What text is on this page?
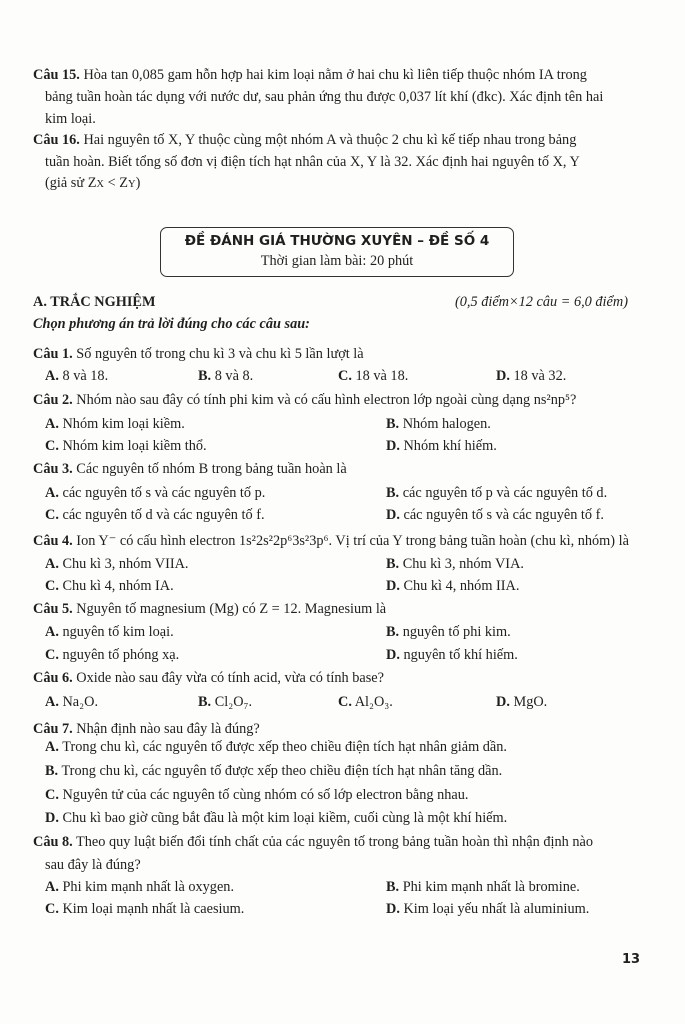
Câu 15. Hòa tan 0,085 gam hỗn hợp hai kim loại nằm ở hai chu kì liên tiếp thuộc nhóm IA trong
bảng tuần hoàn tác dụng với nước dư, sau phản ứng thu được 0,037 lít khí (đkc). Xác định tên hai
kim loại.
Câu 16. Hai nguyên tố X, Y thuộc cùng một nhóm A và thuộc 2 chu kì kế tiếp nhau trong bảng
tuần hoàn. Biết tổng số đơn vị điện tích hạt nhân của X, Y là 32. Xác định hai nguyên tố X, Y
(giả sử ZX < ZY)
ĐỀ ĐÁNH GIÁ THƯỜNG XUYÊN – ĐỀ SỐ 4
Thời gian làm bài: 20 phút
A. TRẮC NGHIỆM	(0,5 điểm×12 câu = 6,0 điểm)
Chọn phương án trả lời đúng cho các câu sau:
Câu 1. Số nguyên tố trong chu kì 3 và chu kì 5 lần lượt là
A. 8 và 18.	B. 8 và 8.	C. 18 và 18.	D. 18 và 32.
Câu 2. Nhóm nào sau đây có tính phi kim và có cấu hình electron lớp ngoài cùng dạng ns²np⁵?
A. Nhóm kim loại kiềm.	B. Nhóm halogen.
C. Nhóm kim loại kiềm thổ.	D. Nhóm khí hiếm.
Câu 3. Các nguyên tố nhóm B trong bảng tuần hoàn là
A. các nguyên tố s và các nguyên tố p.	B. các nguyên tố p và các nguyên tố d.
C. các nguyên tố d và các nguyên tố f.	D. các nguyên tố s và các nguyên tố f.
Câu 4. Ion Y⁻ có cấu hình electron 1s²2s²2p⁶3s²3p⁶. Vị trí của Y trong bảng tuần hoàn (chu kì, nhóm) là
A. Chu kì 3, nhóm VIIA.	B. Chu kì 3, nhóm VIA.
C. Chu kì 4, nhóm IA.	D. Chu kì 4, nhóm IIA.
Câu 5. Nguyên tố magnesium (Mg) có Z = 12. Magnesium là
A. nguyên tố kim loại.	B. nguyên tố phi kim.
C. nguyên tố phóng xạ.	D. nguyên tố khí hiếm.
Câu 6. Oxide nào sau đây vừa có tính acid, vừa có tính base?
A. Na₂O.	B. Cl₂O₇.	C. Al₂O₃.	D. MgO.
Câu 7. Nhận định nào sau đây là đúng?
A. Trong chu kì, các nguyên tố được xếp theo chiều điện tích hạt nhân giảm dần.
B. Trong chu kì, các nguyên tố được xếp theo chiều điện tích hạt nhân tăng dần.
C. Nguyên tử của các nguyên tố cùng nhóm có số lớp electron bằng nhau.
D. Chu kì bao giờ cũng bắt đầu là một kim loại kiềm, cuối cùng là một khí hiếm.
Câu 8. Theo quy luật biến đổi tính chất của các nguyên tố trong bảng tuần hoàn thì nhận định nào
sau đây là đúng?
A. Phi kim mạnh nhất là oxygen.	B. Phi kim mạnh nhất là bromine.
C. Kim loại mạnh nhất là caesium.	D. Kim loại yếu nhất là aluminium.
13
